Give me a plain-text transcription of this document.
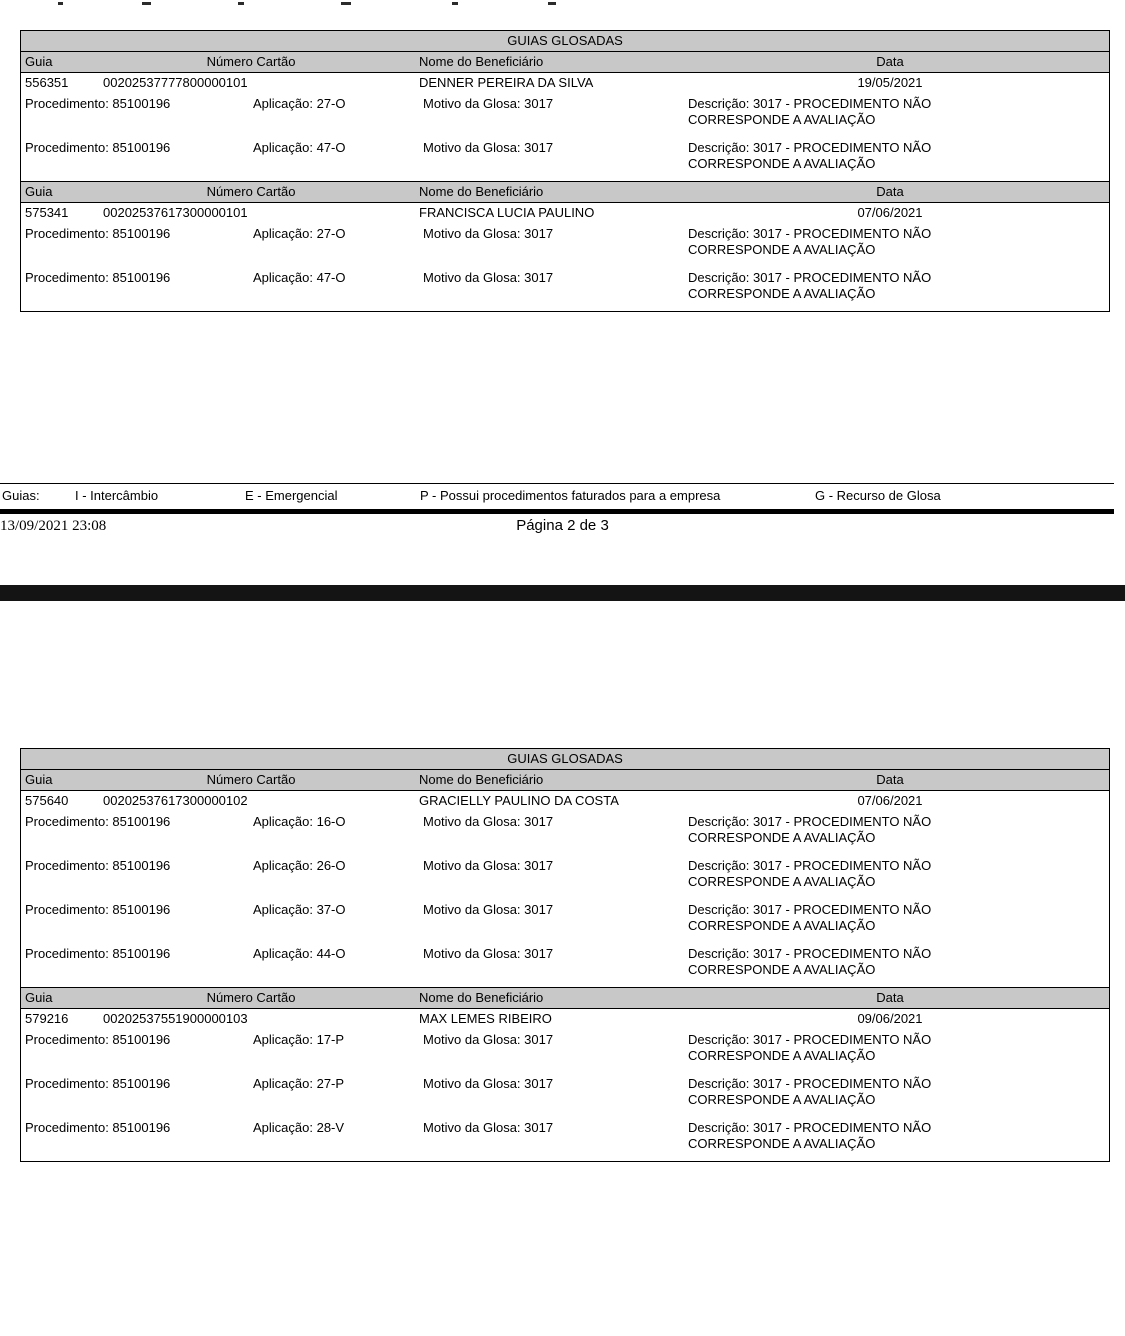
GUIAS GLOSADAS
Guia	Número Cartão	Nome do Beneficiário	Data
556351	00202537777800000101	DENNER PEREIRA DA SILVA	19/05/2021
Procedimento: 85100196	Aplicação: 27-O	Motivo da Glosa: 3017	Descrição: 3017 - PROCEDIMENTO NÃO CORRESPONDE A AVALIAÇÃO
Procedimento: 85100196	Aplicação: 47-O	Motivo da Glosa: 3017	Descrição: 3017 - PROCEDIMENTO NÃO CORRESPONDE A AVALIAÇÃO
Guia	Número Cartão	Nome do Beneficiário	Data
575341	00202537617300000101	FRANCISCA LUCIA PAULINO	07/06/2021
Procedimento: 85100196	Aplicação: 27-O	Motivo da Glosa: 3017	Descrição: 3017 - PROCEDIMENTO NÃO CORRESPONDE A AVALIAÇÃO
Procedimento: 85100196	Aplicação: 47-O	Motivo da Glosa: 3017	Descrição: 3017 - PROCEDIMENTO NÃO CORRESPONDE A AVALIAÇÃO
Guias:	I - Intercâmbio	E - Emergencial	P - Possui procedimentos faturados para a empresa	G - Recurso de Glosa
13/09/2021 23:08	Página 2 de 3
GUIAS GLOSADAS
Guia	Número Cartão	Nome do Beneficiário	Data
575640	00202537617300000102	GRACIELLY PAULINO DA COSTA	07/06/2021
Procedimento: 85100196	Aplicação: 16-O	Motivo da Glosa: 3017	Descrição: 3017 - PROCEDIMENTO NÃO CORRESPONDE A AVALIAÇÃO
Procedimento: 85100196	Aplicação: 26-O	Motivo da Glosa: 3017	Descrição: 3017 - PROCEDIMENTO NÃO CORRESPONDE A AVALIAÇÃO
Procedimento: 85100196	Aplicação: 37-O	Motivo da Glosa: 3017	Descrição: 3017 - PROCEDIMENTO NÃO CORRESPONDE A AVALIAÇÃO
Procedimento: 85100196	Aplicação: 44-O	Motivo da Glosa: 3017	Descrição: 3017 - PROCEDIMENTO NÃO CORRESPONDE A AVALIAÇÃO
Guia	Número Cartão	Nome do Beneficiário	Data
579216	00202537551900000103	MAX LEMES RIBEIRO	09/06/2021
Procedimento: 85100196	Aplicação: 17-P	Motivo da Glosa: 3017	Descrição: 3017 - PROCEDIMENTO NÃO CORRESPONDE A AVALIAÇÃO
Procedimento: 85100196	Aplicação: 27-P	Motivo da Glosa: 3017	Descrição: 3017 - PROCEDIMENTO NÃO CORRESPONDE A AVALIAÇÃO
Procedimento: 85100196	Aplicação: 28-V	Motivo da Glosa: 3017	Descrição: 3017 - PROCEDIMENTO NÃO CORRESPONDE A AVALIAÇÃO
